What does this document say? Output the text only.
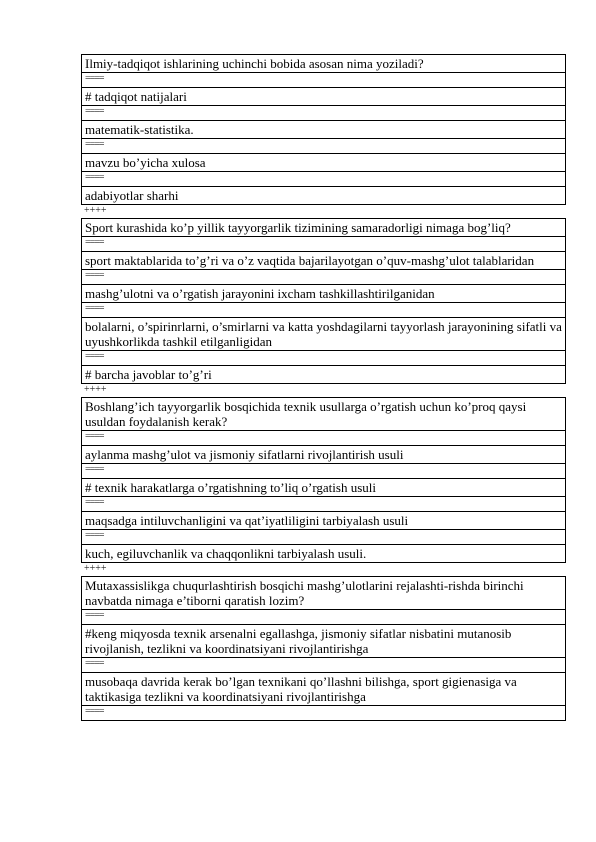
Ilmiy-tadqiqot ishlarining uchinchi bobida asosan nima yoziladi?
====
# tadqiqot natijalari
====
matematik-statistika.
====
mavzu bo’yicha xulosa
====
adabiyotlar sharhi
++++
Sport kurashida ko’p yillik tayyorgarlik tizimining samaradorligi nimaga bog’liq?
====
sport maktablarida to’g’ri va o’z vaqtida bajarilayotgan o’quv-mashg’ulot talablaridan
====
mashg’ulotni va o’rgatish jarayonini ixcham tashkillashtirilganidan
====
bolalarni, o’spirinrlarni, o’smirlarni va katta yoshdagilarni tayyorlash jarayonining sifatli va uyushkorlikda tashkil etilganligidan
====
# barcha javoblar to’g’ri
++++
Boshlang’ich tayyorgarlik bosqichida texnik usullarga o’rgatish uchun ko’proq qaysi usuldan foydalanish kerak?
====
aylanma mashg’ulot va jismoniy sifatlarni rivojlantirish usuli
====
# texnik harakatlarga o’rgatishning to’liq o’rgatish usuli
====
maqsadga intiluvchanligini va qat’iyatliligini tarbiyalash usuli
====
kuch, egiluvchanlik va chaqqonlikni tarbiyalash usuli.
++++
Mutaxassislikga chuqurlashtirish bosqichi mashg’ulotlarini rejalashti-rishda birinchi navbatda nimaga e’tiborni qaratish lozim?
====
#keng miqyosda texnik arsenalni egallashga, jismoniy sifatlar nisbatini mutanosib rivojlanish, tezlikni va koordinatsiyani rivojlantirishga
====
musobaqa davrida kerak bo’lgan texnikani qo’llashni bilishga, sport gigienasiga va taktikasiga tezlikni va koordinatsiyani rivojlantirishga
====
